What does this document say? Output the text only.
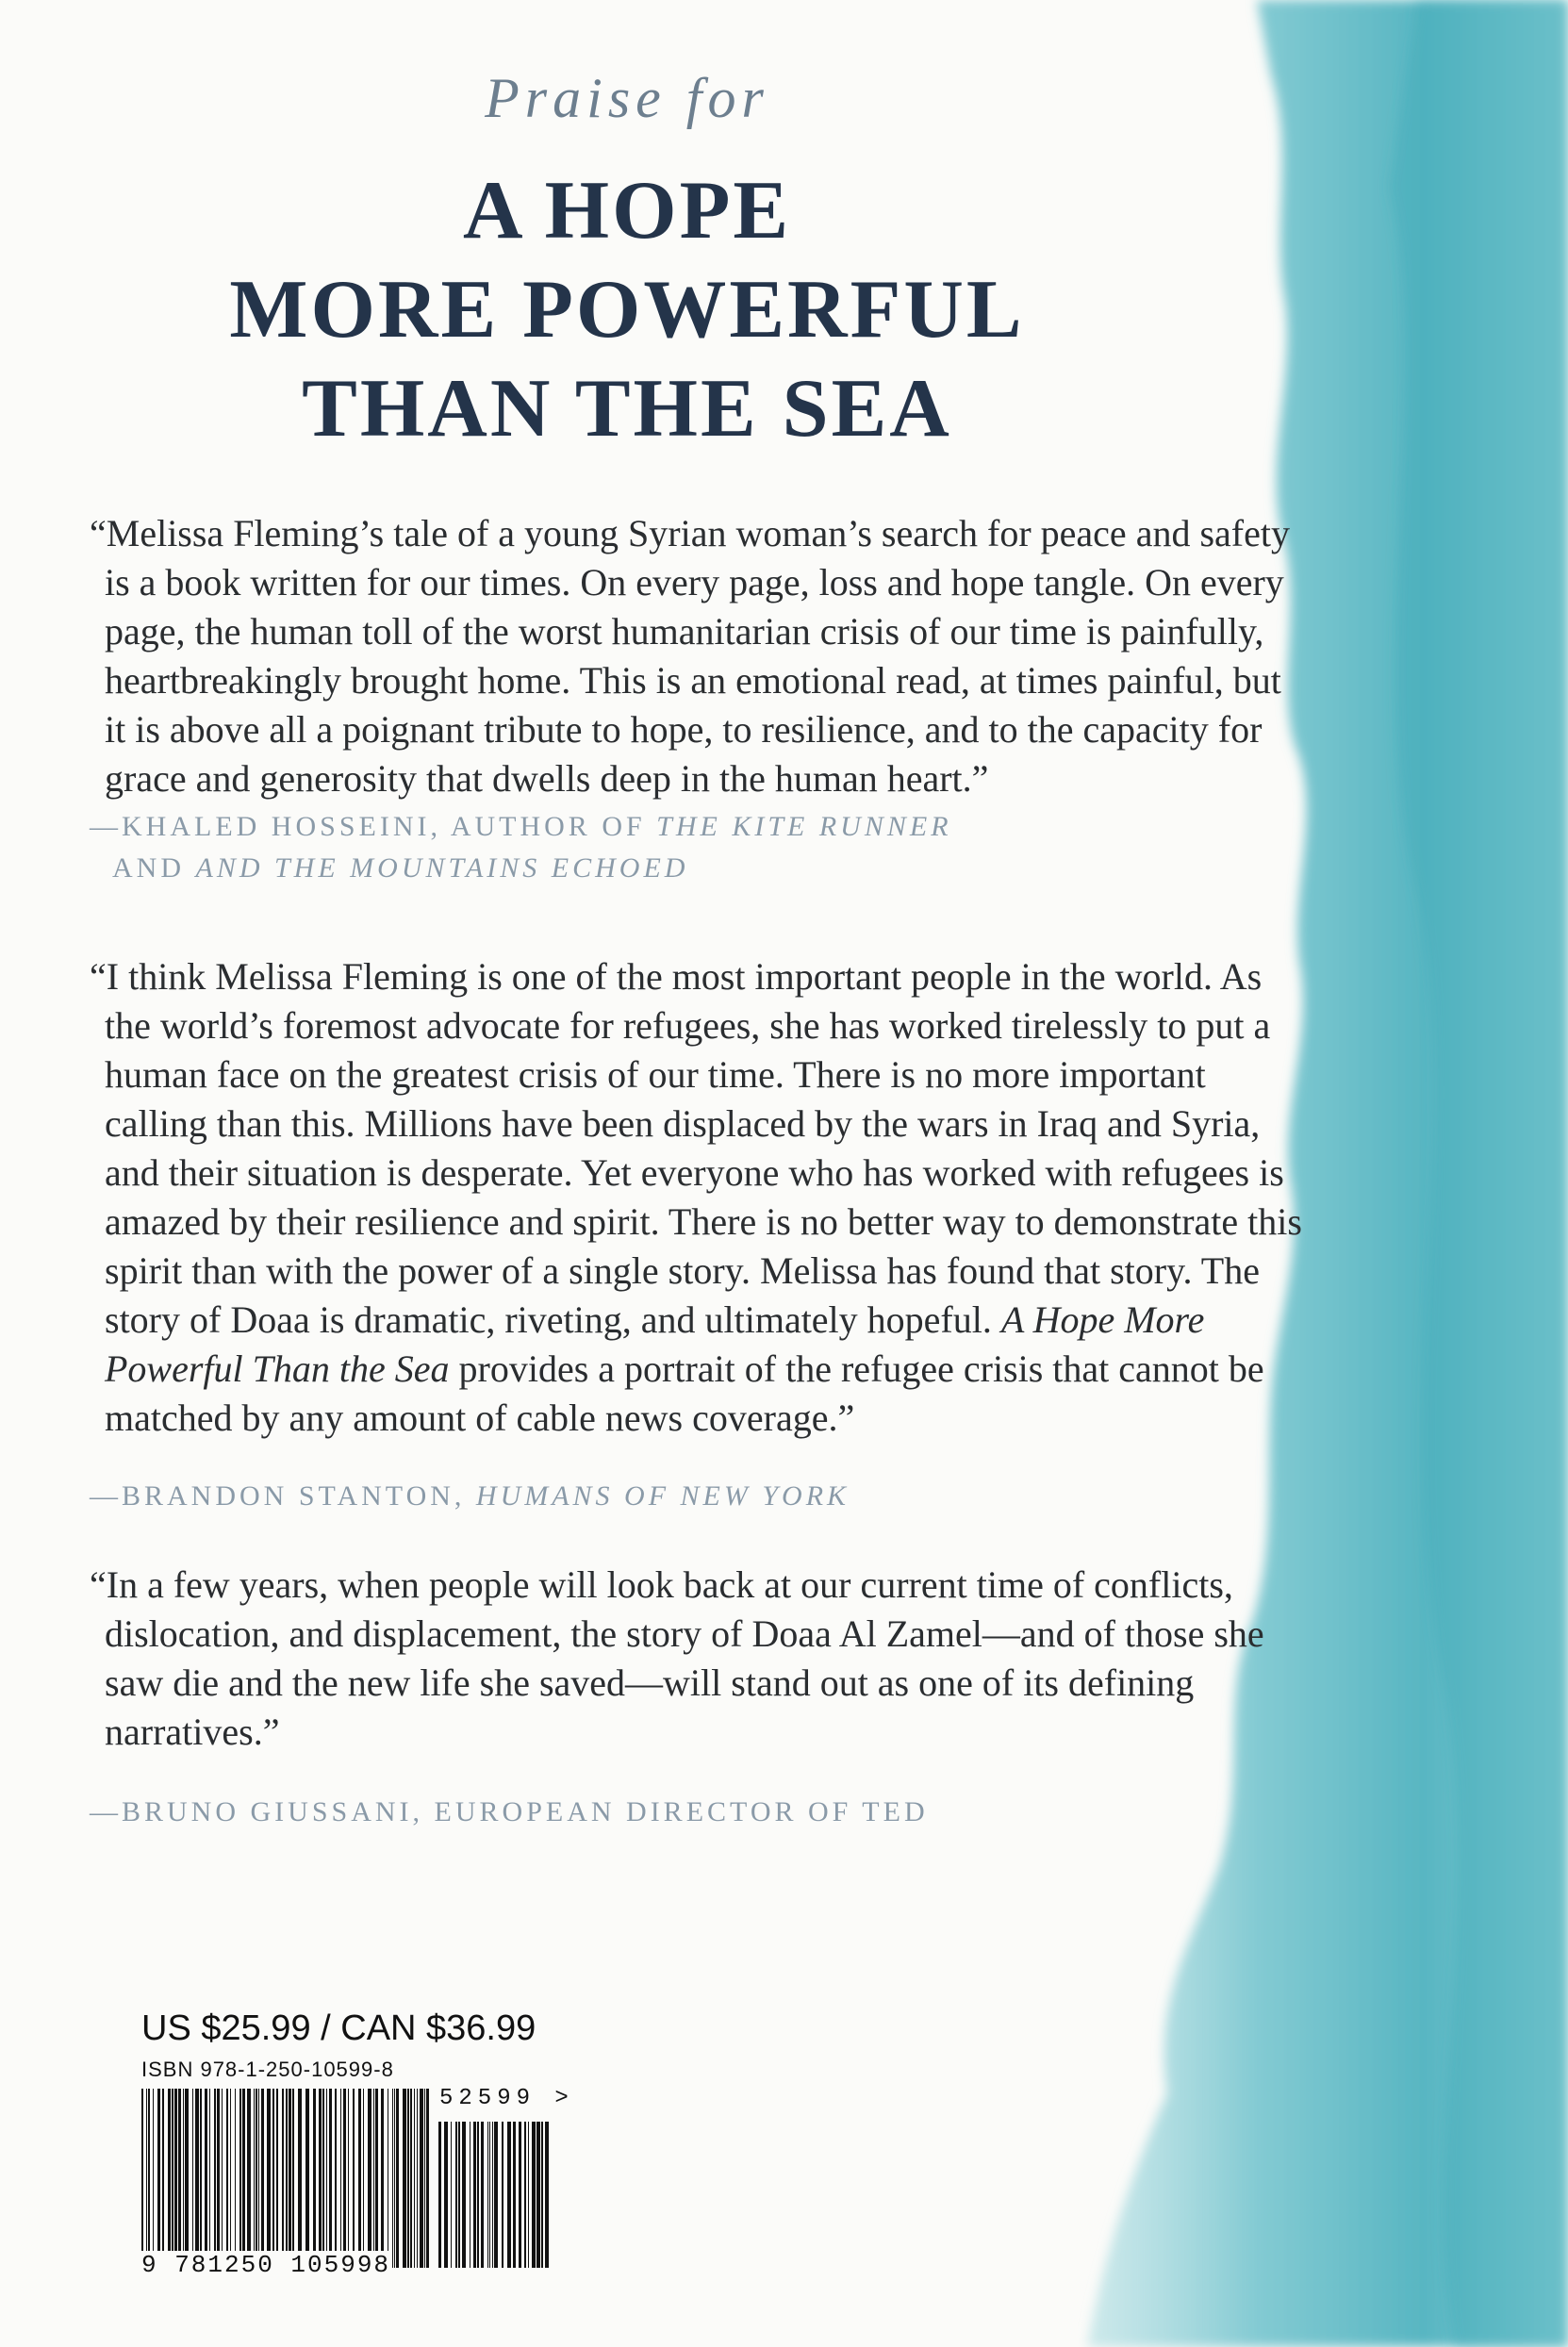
Praise for
A HOPE
MORE POWERFUL
THAN THE SEA
“Melissa Fleming’s tale of a young Syrian woman’s search for peace and safety is a book written for our times. On every page, loss and hope tangle. On every page, the human toll of the worst humanitarian crisis of our time is painfully, heartbreakingly brought home. This is an emotional read, at times painful, but it is above all a poignant tribute to hope, to resilience, and to the capacity for grace and generosity that dwells deep in the human heart.”
—KHALED HOSSEINI, AUTHOR OF THE KITE RUNNER
AND AND THE MOUNTAINS ECHOED
“I think Melissa Fleming is one of the most important people in the world. As the world’s foremost advocate for refugees, she has worked tirelessly to put a human face on the greatest crisis of our time. There is no more important calling than this. Millions have been displaced by the wars in Iraq and Syria, and their situation is desperate. Yet everyone who has worked with refugees is amazed by their resilience and spirit. There is no better way to demonstrate this spirit than with the power of a single story. Melissa has found that story. The story of Doaa is dramatic, riveting, and ultimately hopeful. A Hope More Powerful Than the Sea provides a portrait of the refugee crisis that cannot be matched by any amount of cable news coverage.”
—BRANDON STANTON, HUMANS OF NEW YORK
“In a few years, when people will look back at our current time of conflicts, dislocation, and displacement, the story of Doaa Al Zamel—and of those she saw die and the new life she saved—will stand out as one of its defining narratives.”
—BRUNO GIUSSANI, EUROPEAN DIRECTOR OF TED
US $25.99 / CAN $36.99
ISBN 978-1-250-10599-8
52599 >
9 781250 105998
